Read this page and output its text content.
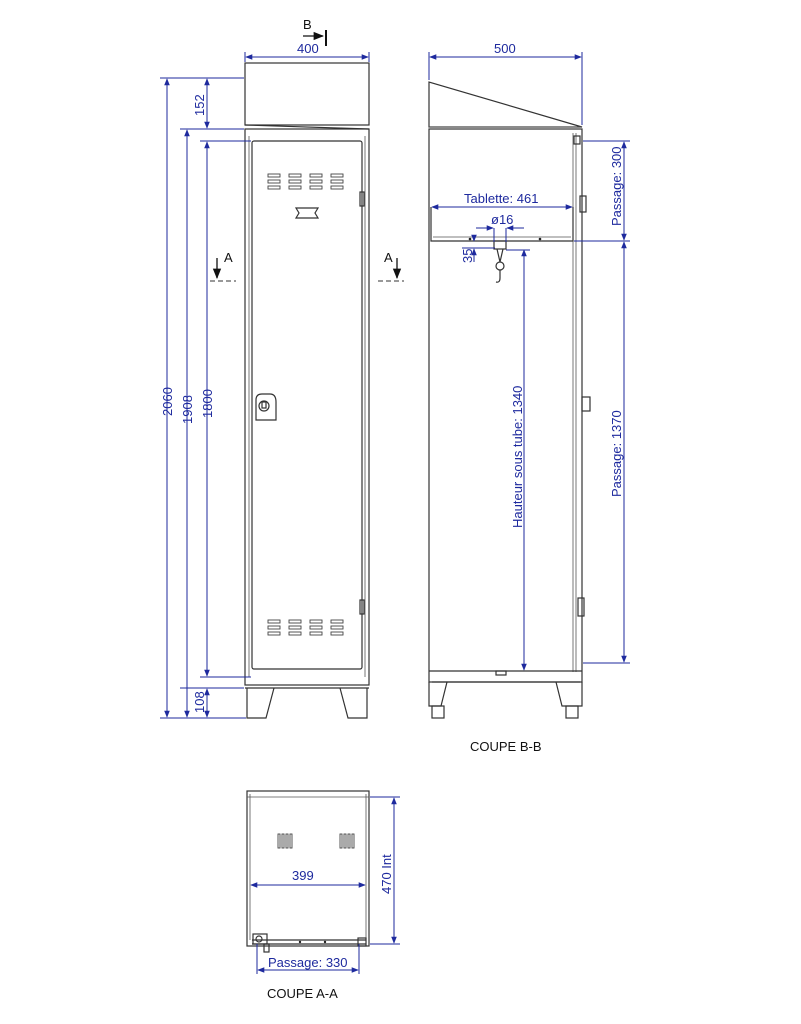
B
A	A
400
152
2060 1908 1800
108
500
Tablette: 461
ø16
35
Hauteur sous tube: 1340
Passage: 300
Passage: 1370
COUPE B-B
399	470 Int
Passage: 330
COUPE A-A
